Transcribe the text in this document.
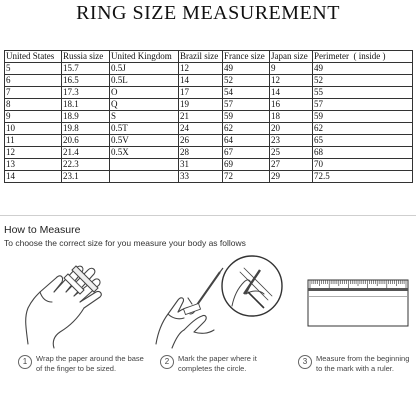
RING SIZE MEASUREMENT
United States	Russia size	United Kingdom	Brazil size	France size	Japan size	Perimeter  ( inside )
5	15.7	0.5J	12	49	9	49
6	16.5	0.5L	14	52	12	52
7	17.3	O	17	54	14	55
8	18.1	Q	19	57	16	57
9	18.9	S	21	59	18	59
10	19.8	0.5T	24	62	20	62
11	20.6	0.5V	26	64	23	65
12	21.4	0.5X	28	67	25	68
13	22.3		31	69	27	70
14	23.1		33	72	29	72.5
How to Measure
To choose the correct size for you measure your body as follows
1	Wrap the paper around the base of the finger to be sized.
2	Mark the paper where it completes the circle.
3	Measure from the beginning to the mark with a ruler.
